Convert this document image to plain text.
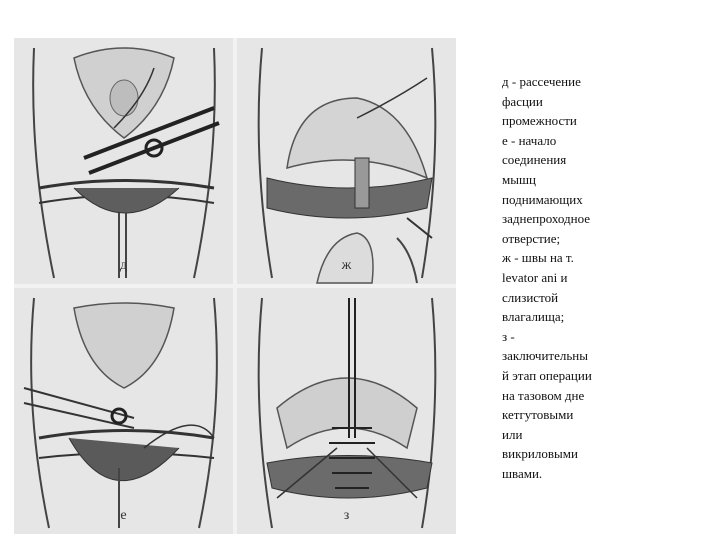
д	ж
е	з

д - рассечение

фасции

промежности

е - начало

соединения

мышц

поднимающих

заднепроходное

отверстие;

ж - швы на т.

levator ani и

слизистой

влагалища;

з -

заключительны

й этап операции

на тазовом дне

кетгутовыми

или

викриловыми

швами.
